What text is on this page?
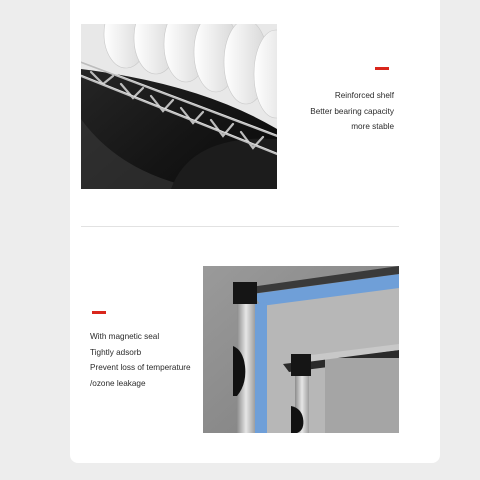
Reinforced shelf
Better bearing capacity
more stable
With magnetic seal
Tightly adsorb
Prevent loss of temperature
/ozone leakage
